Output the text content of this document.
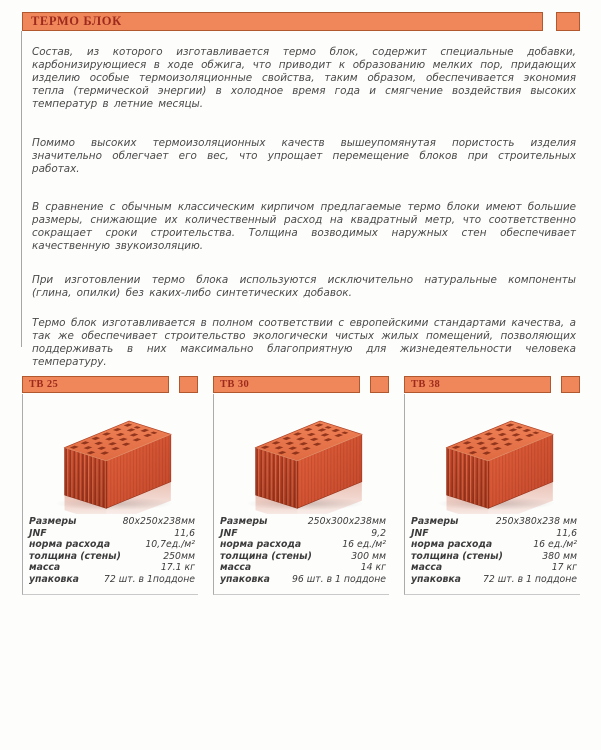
ТЕРМО БЛОК

Состав, из которого изготавливается термо блок, содержит специальные добавки, карбонизирующиеся в ходе обжига, что приводит к образованию мелких пор, придающих изделию особые термоизоляционные свойства, таким образом, обеспечивается экономия тепла (термической энергии) в холодное время года и смягчение воздействия высоких температур в летние месяцы.

Помимо высоких термоизоляционных качеств вышеупомянутая пористость изделия значительно облегчает его вес, что упрощает перемещение блоков при строительных работах.

В сравнение с обычным классическим кирпичом предлагаемые термо блоки имеют большие размеры, снижающие их количественный расход на квадратный метр, что соответственно сокращает сроки строительства. Толщина возводимых наружных стен обеспечивает качественную звукоизоляцию.

При изготовлении термо блока используются исключительно натуральные компоненты (глина, опилки) без каких-либо синтетических добавок.

Термо блок изготавливается в полном соответствии с европейскими стандартами качества, а так же обеспечивает строительство экологически чистых жилых помещений, позволяющих поддерживать в них максимально благоприятную для жизнедеятельности человека температуру.

ТВ 25
Размеры	80х250х238мм
JNF	11,6
норма расхода	10,7ед./м²
толщина (стены)	250мм
масса	17.1 кг
упаковка	72 шт. в 1поддоне
ТВ 30
Размеры	250х300х238мм
JNF	9,2
норма расхода	16 ед./м²
толщина (стены)	300 мм
масса	14 кг
упаковка 96 шт. в 1 поддоне
ТВ 38
Размеры	250х380х238 мм
JNF	11,6
норма расхода	16 ед./м²
толщина (стены)	380 мм
масса	17 кг
упаковка 72 шт. в 1 поддоне
